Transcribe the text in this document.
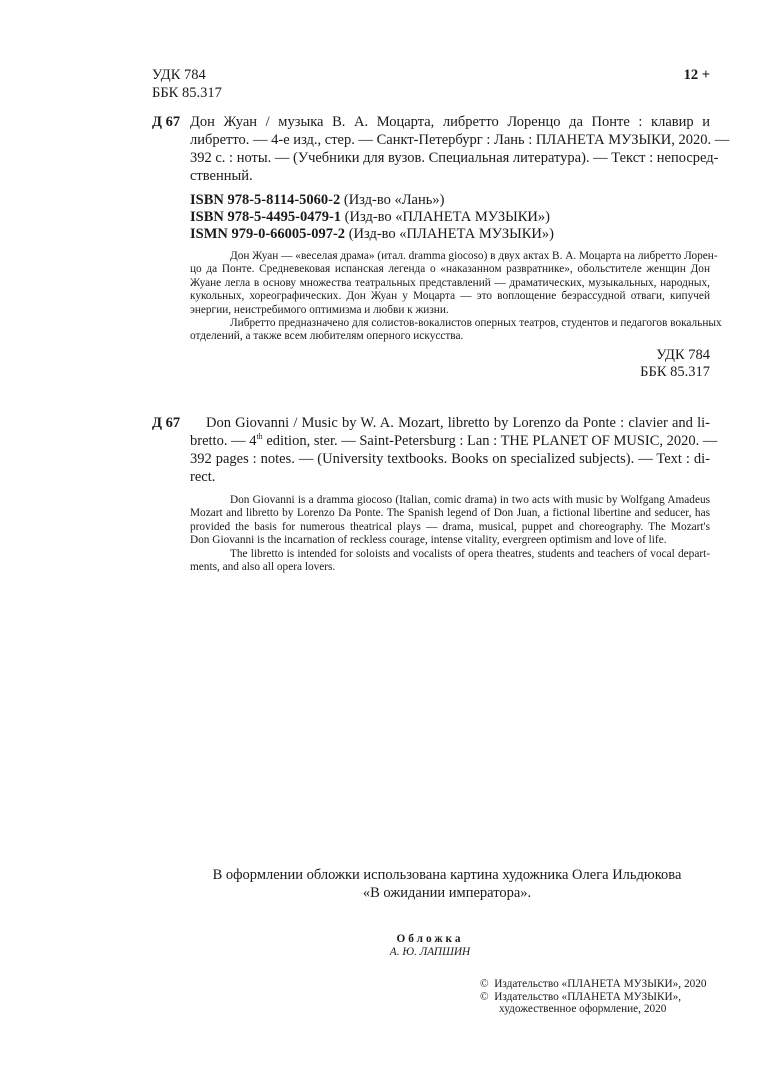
УДК 784
ББК 85.317
12 +
Д 67 Дон Жуан / музыка В. А. Моцарта, либретто Лоренцо да Понте : клавир и
либретто. — 4-е изд., стер. — Санкт-Петербург : Лань : ПЛАНЕТА МУЗЫКИ, 2020. —
392 с. : ноты. — (Учебники для вузов. Специальная литература). — Текст : непосред-
ственный.
ISBN 978-5-8114-5060-2 (Изд-во «Лань»)
ISBN 978-5-4495-0479-1 (Изд-во «ПЛАНЕТА МУЗЫКИ»)
ISMN 979-0-66005-097-2 (Изд-во «ПЛАНЕТА МУЗЫКИ»)
Дон Жуан — «веселая драма» (итал. dramma giocoso) в двух актах В. А. Моцарта на либретто Лорен-
цо да Понте. Средневековая испанская легенда о «наказанном развратнике», обольстителе женщин Дон
Жуане легла в основу множества театральных представлений — драматических, музыкальных, народных,
кукольных, хореографических. Дон Жуан у Моцарта — это воплощение безрассудной отваги, кипучей
энергии, неистребимого оптимизма и любви к жизни.
Либретто предназначено для солистов-вокалистов оперных театров, студентов и педагогов вокальных
отделений, а также всем любителям оперного искусства.
УДК 784
ББК 85.317
Д 67	Don Giovanni / Music by W. A. Mozart, libretto by Lorenzo da Ponte : clavier and li-
bretto. — 4th edition, ster. — Saint-Petersburg : Lan : THE PLANET OF MUSIC, 2020. —
392 pages : notes. — (University textbooks. Books on specialized subjects). — Text : di-
rect.
Don Giovanni is a dramma giocoso (Italian, comic drama) in two acts with music by Wolfgang Amadeus
Mozart and libretto by Lorenzo Da Ponte. The Spanish legend of Don Juan, a fictional libertine and seducer, has
provided the basis for numerous theatrical plays — drama, musical, puppet and choreography. The Mozart's
Don Giovanni is the incarnation of reckless courage, intense vitality, evergreen optimism and love of life.
The libretto is intended for soloists and vocalists of opera theatres, students and teachers of vocal depart-
ments, and also all opera lovers.
В оформлении обложки использована картина художника Олега Ильдюкова
«В ожидании императора».
Обложка
А. Ю. ЛАПШИН
© Издательство «ПЛАНЕТА МУЗЫКИ», 2020
© Издательство «ПЛАНЕТА МУЗЫКИ»,
художественное оформление, 2020
